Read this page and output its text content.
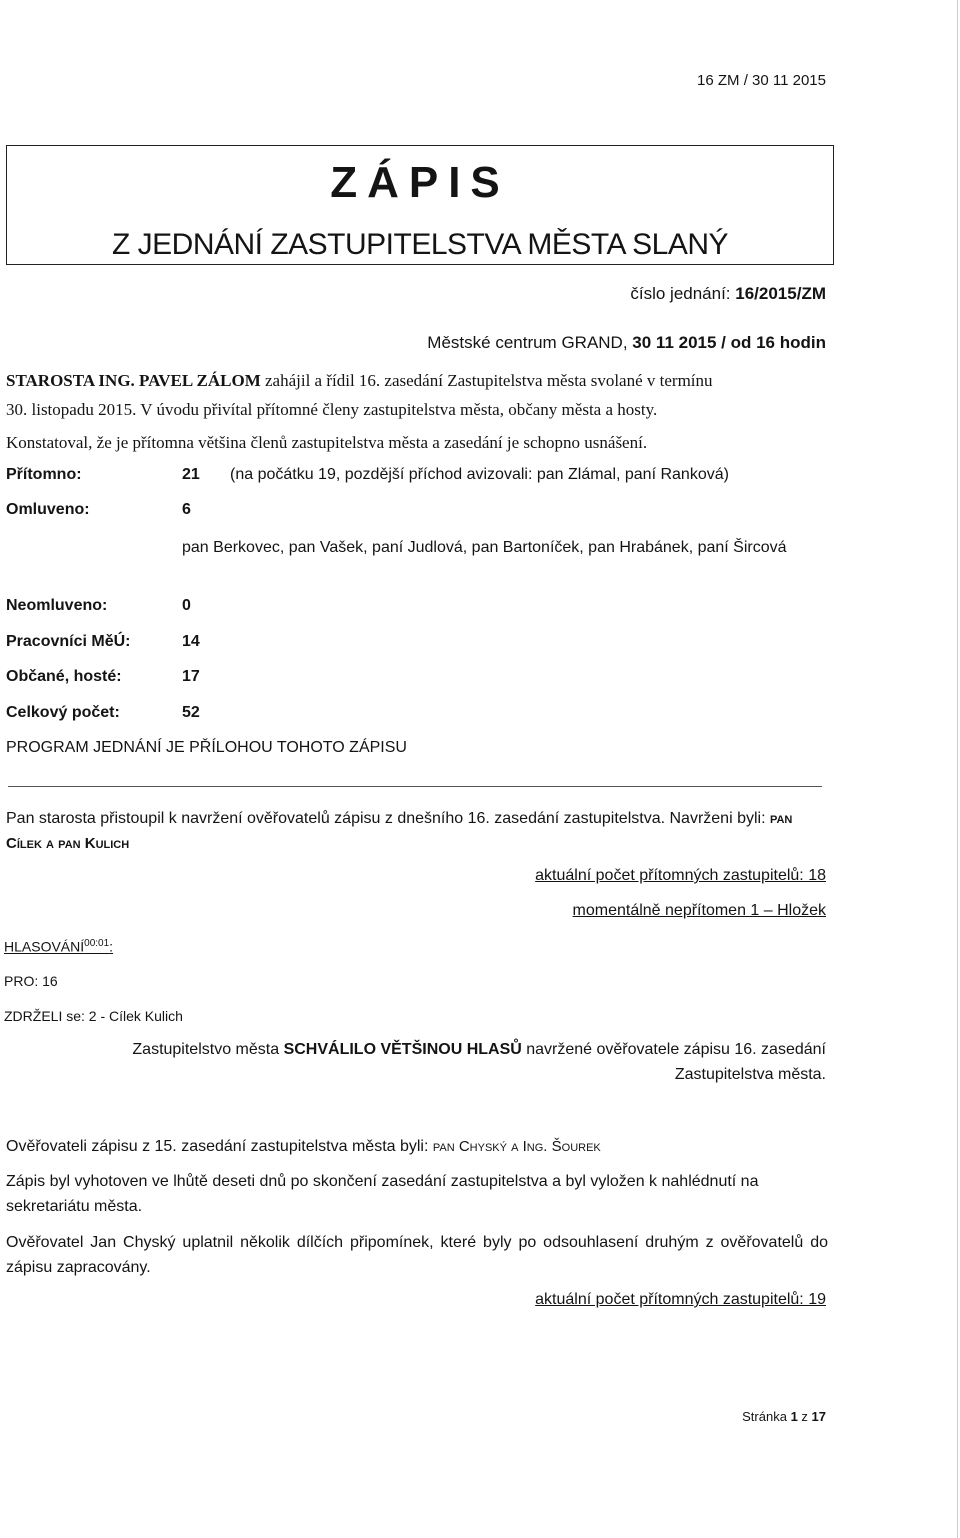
16 ZM / 30 11 2015
ZÁPIS
Z JEDNÁNÍ ZASTUPITELSTVA MĚSTA SLANÝ
číslo jednání: 16/2015/ZM
Městské centrum GRAND, 30 11 2015 / od 16 hodin
STAROSTA ING. PAVEL ZÁLOM zahájil a řídil 16. zasedání Zastupitelstva města svolané v termínu
30. listopadu 2015. V úvodu přivítal přítomné členy zastupitelstva města, občany města a hosty.
Konstatoval, že je přítomna většina členů zastupitelstva města a zasedání je schopno usnášení.
Přítomno:	21 (na počátku 19, pozdější příchod avizovali: pan Zlámal, paní Ranková)
Omluveno:	6
pan Berkovec, pan Vašek, paní Judlová, pan Bartoníček, pan Hrabánek, paní Šircová
Neomluveno:	0
Pracovníci MěÚ:	14
Občané, hosté:	17
Celkový počet:	52
PROGRAM JEDNÁNÍ JE PŘÍLOHOU TOHOTO ZÁPISU
Pan starosta přistoupil k navržení ověřovatelů zápisu z dnešního 16. zasedání zastupitelstva. Navrženi byli: pan Cílek a pan Kulich
aktuální počet přítomných zastupitelů: 18
momentálně nepřítomen 1 – Hložek
$HLASOVÁNÍ^{00:01}$:
PRO: 16
ZDRŽELI se: 2 - Cílek Kulich
Zastupitelstvo města SCHVÁLILO VĚTŠINOU HLASŮ navržené ověřovatele zápisu 16. zasedání
Zastupitelstva města.
Ověřovateli zápisu z 15. zasedání zastupitelstva města byli: pan Chyský a Ing. Šourek
Zápis byl vyhotoven ve lhůtě deseti dnů po skončení zasedání zastupitelstva a byl vyložen k nahlédnutí na sekretariátu města.
Ověřovatel Jan Chyský uplatnil několik dílčích připomínek, které byly po odsouhlasení druhým z ověřovatelů do zápisu zapracovány.
aktuální počet přítomných zastupitelů: 19
Stránka 1 z 17
